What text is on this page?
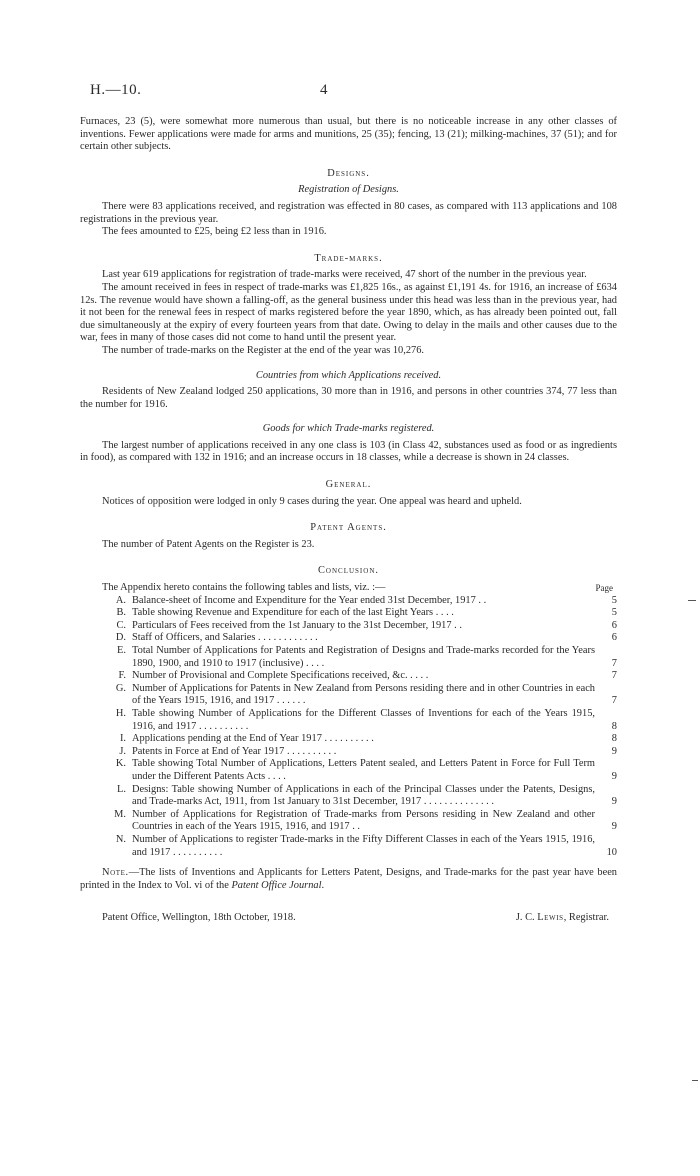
H.—10.	4

Furnaces, 23 (5), were somewhat more numerous than usual, but there is no noticeable increase in any other classes of inventions. Fewer applications were made for arms and munitions, 25 (35); fencing, 13 (21); milking-machines, 37 (51); and for certain other subjects.

Designs.
Registration of Designs.

There were 83 applications received, and registration was effected in 80 cases, as compared with 113 applications and 108 registrations in the previous year.

The fees amounted to £25, being £2 less than in 1916.

Trade-marks.

Last year 619 applications for registration of trade-marks were received, 47 short of the number in the previous year.

The amount received in fees in respect of trade-marks was £1,825 16s., as against £1,191 4s. for 1916, an increase of £634 12s. The revenue would have shown a falling-off, as the general business under this head was less than in the previous year, had it not been for the renewal fees in respect of marks registered before the year 1890, which, as has already been pointed out, fall due simultaneously at the expiry of every fourteen years from that date. Owing to delay in the mails and other causes due to the war, fees in many of those cases did not come to hand until the present year.

The number of trade-marks on the Register at the end of the year was 10,276.

Countries from which Applications received.

Residents of New Zealand lodged 250 applications, 30 more than in 1916, and persons in other countries 374, 77 less than the number for 1916.

Goods for which Trade-marks registered.

The largest number of applications received in any one class is 103 (in Class 42, substances used as food or as ingredients in food), as compared with 132 in 1916; and an increase occurs in 18 classes, while a decrease is shown in 24 classes.

General.

Notices of opposition were lodged in only 9 cases during the year. One appeal was heard and upheld.

Patent Agents.

The number of Patent Agents on the Register is 23.

Conclusion.
The Appendix hereto contains the following tables and lists, viz. :—	Page
A. Balance-sheet of Income and Expenditure for the Year ended 31st December, 1917 . .	5
B. Table showing Revenue and Expenditure for each of the last Eight Years . . . .	5
C. Particulars of Fees received from the 1st January to the 31st December, 1917 . .	6
D. Staff of Officers, and Salaries . . . . . . . . . . . .	6
E. Total Number of Applications for Patents and Registration of Designs and Trade-marks recorded for the Years 1890, 1900, and 1910 to 1917 (inclusive) . . . .	7
F. Number of Provisional and Complete Specifications received, &c. . . . .	7
G. Number of Applications for Patents in New Zealand from Persons residing there and in other Countries in each of the Years 1915, 1916, and 1917 . . . . . .	7
H. Table showing Number of Applications for the Different Classes of Inventions for each of the Years 1915, 1916, and 1917 . . . . . . . . . .	8
I. Applications pending at the End of Year 1917 . . . . . . . . . .	8
J. Patents in Force at End of Year 1917 . . . . . . . . . .	9
K. Table showing Total Number of Applications, Letters Patent sealed, and Letters Patent in Force for Full Term under the Different Patents Acts . . . .	9
L. Designs: Table showing Number of Applications in each of the Principal Classes under the Patents, Designs, and Trade-marks Act, 1911, from 1st January to 31st December, 1917 . . . . . . . . . . . . . .	9
M. Number of Applications for Registration of Trade-marks from Persons residing in New Zealand and other Countries in each of the Years 1915, 1916, and 1917 . .	9
N. Number of Applications to register Trade-marks in the Fifty Different Classes in each of the Years 1915, 1916, and 1917 . . . . . . . . . .	10

Note.—The lists of Inventions and Applicants for Letters Patent, Designs, and Trade-marks for the past year have been printed in the Index to Vol. vi of the Patent Office Journal.

Patent Office, Wellington, 18th October, 1918.	J. C. Lewis, Registrar.
